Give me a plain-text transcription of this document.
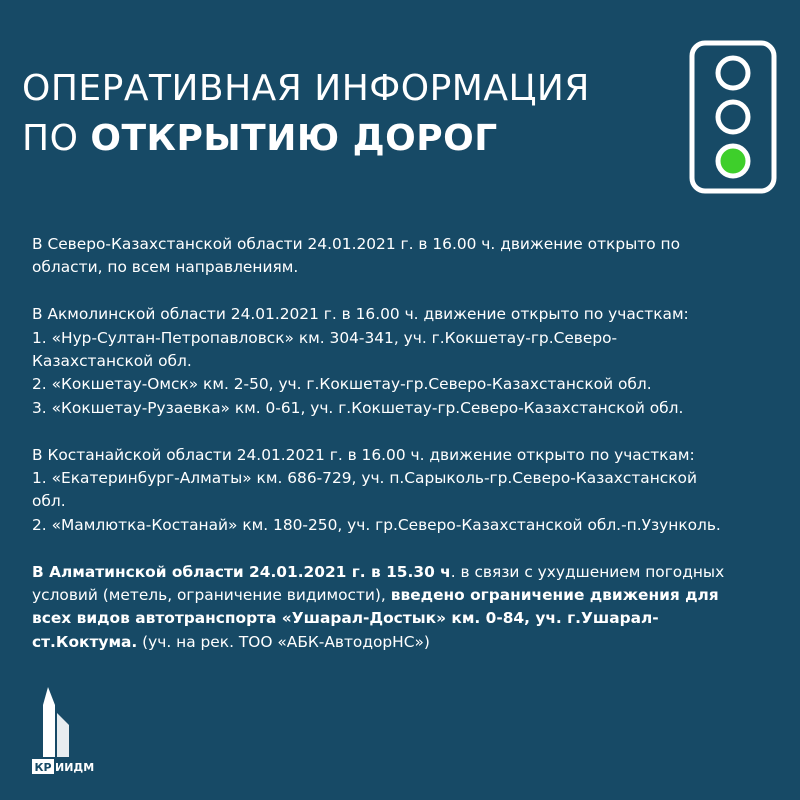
ОПЕРАТИВНАЯ ИНФОРМАЦИЯ
ПО ОТКРЫТИЮ ДОРОГ

В Северо-Казахстанской области 24.01.2021 г. в 16.00 ч. движение открыто по
области, по всем направлениям.

В Акмолинской области 24.01.2021 г. в 16.00 ч. движение открыто по участкам:
1. «Нур-Султан-Петропавловск» км. 304-341, уч. г.Кокшетау-гр.Северо-
Казахстанской обл.
2. «Кокшетау-Омск» км. 2-50, уч. г.Кокшетау-гр.Северо-Казахстанской обл.
3. «Кокшетау-Рузаевка» км. 0-61, уч. г.Кокшетау-гр.Северо-Казахстанской обл.

В Костанайской области 24.01.2021 г. в 16.00 ч. движение открыто по участкам:
1. «Екатеринбург-Алматы» км. 686-729, уч. п.Сарыколь-гр.Северо-Казахстанской
обл.
2. «Мамлютка-Костанай» км. 180-250, уч. гр.Северо-Казахстанской обл.-п.Узунколь.

В Алматинской области 24.01.2021 г. в 15.30 ч. в связи с ухудшением погодных
условий (метель, ограничение видимости), введено ограничение движения для
всех видов автотранспорта «Ушарал-Достык» км. 0-84, уч. г.Ушарал-
ст.Коктума. (уч. на рек. ТОО «АБК-АвтодорНС»)

КР ИИДМ
